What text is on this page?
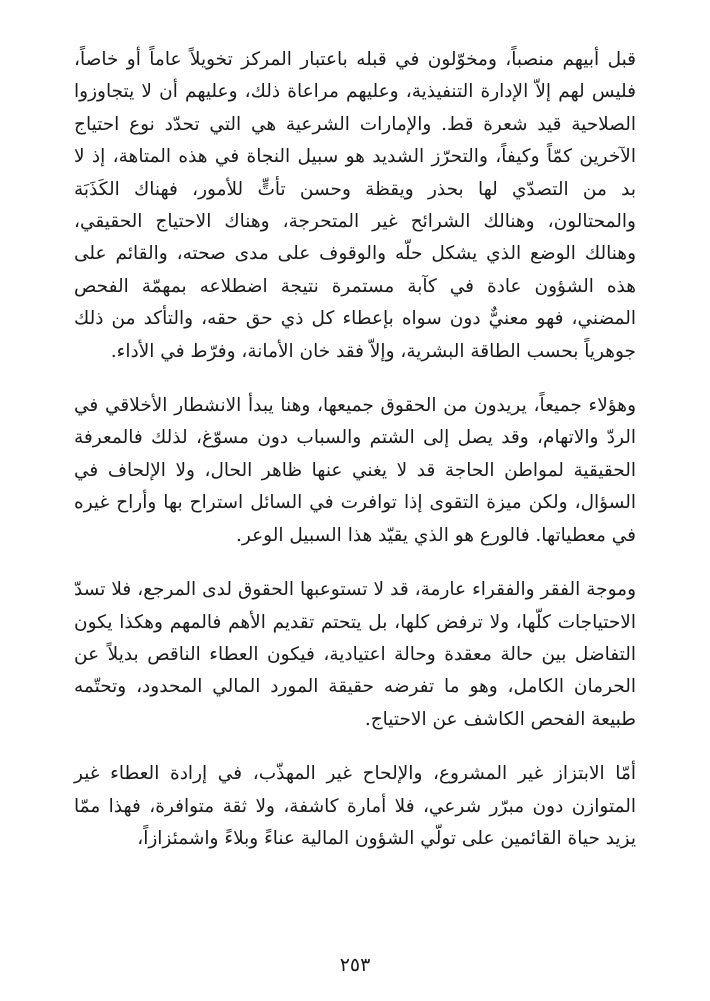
قبل أبيهم منصباً، ومخوّلون في قبله باعتبار المركز تخويلاً عاماً أو خاصاً، فليس لهم إلاّ الإدارة التنفيذية، وعليهم مراعاة ذلك، وعليهم أن لا يتجاوزوا الصلاحية قيد شعرة قط. والإمارات الشرعية هي التي تحدّد نوع احتياج الآخرين كمّاً وكيفاً، والتحرّز الشديد هو سبيل النجاة في هذه المتاهة، إذ لا بد من التصدّي لها بحذر ويقظة وحسن تأتٍّ للأمور، فهناك الكَذَبَة والمحتالون، وهنالك الشرائح غير المتحرجة، وهناك الاحتياج الحقيقي، وهنالك الوضع الذي يشكل حلّه والوقوف على مدى صحته، والقائم على هذه الشؤون عادة في كآبة مستمرة نتيجة اضطلاعه بمهمّة الفحص المضني، فهو معنيٌّ دون سواه بإعطاء كل ذي حق حقه، والتأكد من ذلك جوهرياً بحسب الطاقة البشرية، وإلاّ فقد خان الأمانة، وفرّط في الأداء.

وهؤلاء جميعاً، يريدون من الحقوق جميعها، وهنا يبدأ الانشطار الأخلاقي في الردّ والاتهام، وقد يصل إلى الشتم والسباب دون مسوّغ، لذلك فالمعرفة الحقيقية لمواطن الحاجة قد لا يغني عنها ظاهر الحال، ولا الإلحاف في السؤال، ولكن ميزة التقوى إذا توافرت في السائل استراح بها وأراح غيره في معطياتها. فالورع هو الذي يقيّد هذا السبيل الوعر.

وموجة الفقر والفقراء عارمة، قد لا تستوعبها الحقوق لدى المرجع، فلا تسدّ الاحتياجات كلّها، ولا ترفض كلها، بل يتحتم تقديم الأهم فالمهم وهكذا يكون التفاضل بين حالة معقدة وحالة اعتيادية، فيكون العطاء الناقص بديلاً عن الحرمان الكامل، وهو ما تفرضه حقيقة المورد المالي المحدود، وتحتّمه طبيعة الفحص الكاشف عن الاحتياج.

أمّا الابتزاز غير المشروع، والإلحاح غير المهذّب، في إرادة العطاء غير المتوازن دون مبرّر شرعي، فلا أمارة كاشفة، ولا ثقة متوافرة، فهذا ممّا يزيد حياة القائمين على تولّي الشؤون المالية عناءً وبلاءً واشمئزازاً،

٢٥٣
